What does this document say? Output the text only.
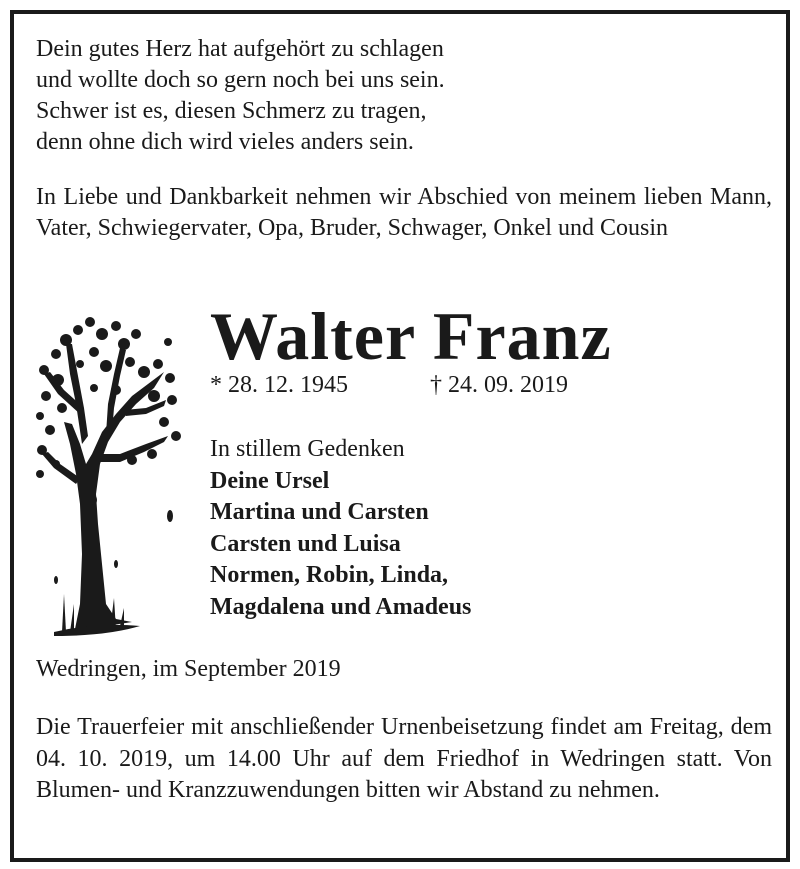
Dein gutes Herz hat aufgehört zu schlagen
und wollte doch so gern noch bei uns sein.
Schwer ist es, diesen Schmerz zu tragen,
denn ohne dich wird vieles anders sein.
In Liebe und Dankbarkeit nehmen wir Abschied von meinem lieben Mann, Vater, Schwiegervater, Opa, Bruder, Schwager, Onkel und Cousin
Walter Franz
* 28. 12. 1945	† 24. 09. 2019
In stillem Gedenken
Deine Ursel
Martina und Carsten
Carsten und Luisa
Normen, Robin, Linda,
Magdalena und Amadeus
Wedringen, im September 2019
Die Trauerfeier mit anschließender Urnenbeisetzung findet am Freitag, dem 04. 10. 2019, um 14.00 Uhr auf dem Friedhof in Wedringen statt. Von Blumen- und Kranzzuwendungen bitten wir Abstand zu nehmen.
